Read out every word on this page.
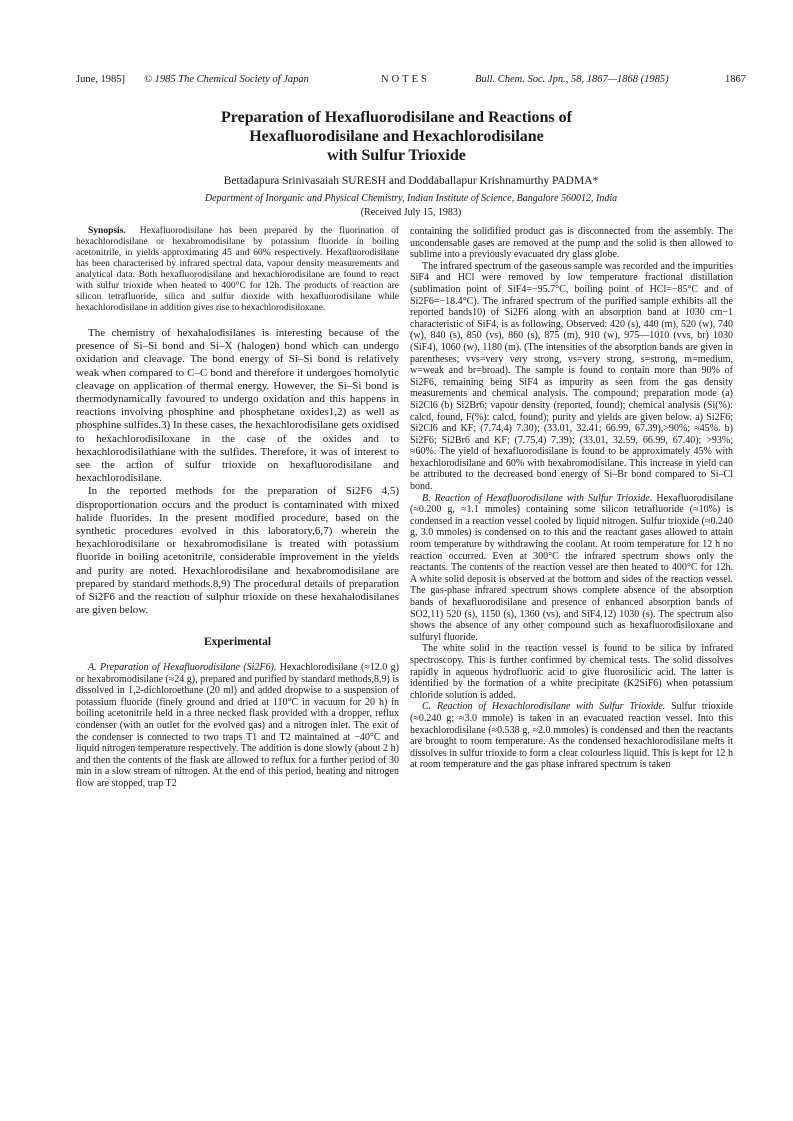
June, 1985] © 1985 The Chemical Society of Japan	NOTES	Bull. Chem. Soc. Jpn., 58, 1867—1868 (1985)	1867
Preparation of Hexafluorodisilane and Reactions of
Hexafluorodisilane and Hexachlorodisilane
with Sulfur Trioxide
Bettadapura Srinivasaiah SURESH and Doddaballapur Krishnamurthy PADMA*
Department of Inorganic and Physical Chemistry, Indian Institute of Science, Bangalore 560012, India
(Received July 15, 1983)

Synopsis. Hexafluorodisilane has been prepared by the fluorination of hexachlorodisilane or hexabromodisilane by potassium fluoride in boiling acetonitrile, in yields approximating 45 and 60% respectively. Hexafluorodisilane has been characterised by infrared spectral data, vapour density measurements and analytical data. Both hexafluorodisilane and hexachlorodisilane are found to react with sulfur trioxide when heated to 400°C for 12h. The products of reaction are silicon tetrafluoride, silica and sulfur dioxide with hexafluorodisilane while hexachlorodisilane in addition gives rise to hexachlorodisiloxane.

The chemistry of hexahalodisilanes is interesting because of the presence of Si–Si bond and Si–X (halogen) bond which can undergo oxidation and cleavage. The bond energy of Si–Si bond is relatively weak when compared to C–C bond and therefore it undergoes homolytic cleavage on application of thermal energy. However, the Si–Si bond is thermodynamically favoured to undergo oxidation and this happens in reactions involving phosphine and phosphetane oxides1,2) as well as phosphine sulfides.3) In these cases, the hexachlorodisilane gets oxidised to hexachlorodisiloxane in the case of the oxides and to hexachlorodisilathiane with the sulfides. Therefore, it was of interest to see the action of sulfur trioxide on hexafluorodisilane and hexachlorodisilane.

In the reported methods for the preparation of Si2F6 4,5) disproportionation occurs and the product is contaminated with mixed halide fluorides. In the present modified procedure, based on the synthetic procedures evolved in this laboratory,6,7) wherein the hexachlorodisilane or hexabromodisilane is treated with potassium fluoride in boiling acetonitrile, considerable improvement in the yields and purity are noted. Hexachlorodisilane and hexabromodisilane are prepared by standard methods.8,9) The procedural details of preparation of Si2F6 and the reaction of sulphur trioxide on these hexahalodisilanes are given below.

Experimental

A. Preparation of Hexafluorodisilane (Si2F6). Hexachlorodisilane (≈12.0 g) or hexabromodisilane (≈24 g), prepared and purified by standard methods,8,9) is dissolved in 1,2-dichloroethane (20 ml) and added dropwise to a suspension of potassium fluoride (finely ground and dried at 110°C in vacuum for 20 h) in boiling acetonitrile held in a three necked flask provided with a dropper, reflux condenser (with an outlet for the evolved gas) and a nitrogen inlet. The exit of the condenser is connected to two traps T1 and T2 maintained at −40°C and liquid nitrogen temperature respectively. The addition is done slowly (about 2 h) and then the contents of the flask are allowed to reflux for a further period of 30 min in a slow stream of nitrogen. At the end of this period, heating and nitrogen flow are stopped, trap T2

containing the solidified product gas is disconnected from the assembly. The uncondensable gases are removed at the pump and the solid is then allowed to sublime into a previously evacuated dry glass globe.

The infrared spectrum of the gaseous sample was recorded and the impurities SiF4 and HCl were removed by low temperature fractional distillation (sublimation point of SiF4=−95.7°C, boiling point of HCl=−85°C and of Si2F6=−18.4°C). The infrared spectrum of the purified sample exhibits all the reported bands10) of Si2F6 along with an absorption band at 1030 cm−1 characteristic of SiF4, is as following, Observed: 420 (s), 440 (m), 520 (w), 740 (w), 840 (s), 850 (vs), 860 (s), 875 (m), 910 (w), 975—1010 (vvs, br) 1030 (SiF4), 1060 (w), 1180 (m). (The intensities of the absorption bands are given in parentheses; vvs=very very strong, vs=very strong, s=strong, m=medium, w=weak and br=broad). The sample is found to contain more than 90% of Si2F6, remaining being SiF4 as impurity as seen from the gas density measurements and chemical analysis. The compound; preparation mode (a) Si2Cl6 (b) Si2Br6; vapour density (reported, found); chemical analysis (Si(%): calcd, found, F(%): calcd, found); purity and yields are given below. a) Si2F6; Si2Cl6 and KF; (7.74,4) 7.30); (33.01, 32.41; 66.99, 67.39),>90%; ≈45%. b) Si2F6; Si2Br6 and KF; (7.75,4) 7.39); (33.01, 32.59, 66.99, 67.40); >93%; ≈60%. The yield of hexafluorodisilane is found to be approximately 45% with hexachlorodisilane and 60% with hexabromodisilane. This increase in yield can be attributed to the decreased bond energy of Si–Br bond compared to Si–Cl bond.

B. Reaction of Hexafluorodisilane with Sulfur Trioxide. Hexafluorodisilane (≈0.200 g, ≈1.1 mmoles) containing some silicon tetrafluoride (≈10%) is condensed in a reaction vessel cooled by liquid nitrogen. Sulfur trioxide (≈0.240 g, 3.0 mmoles) is condensed on to this and the reactant gases allowed to attain room temperature by withdrawing the coolant. At room temperature for 12 h no reaction occurred. Even at 300°C the infrared spectrum shows only the reactants. The contents of the reaction vessel are then heated to 400°C for 12h. A white solid deposit is observed at the bottom and sides of the reaction vessel. The gas-phase infrared spectrum shows complete absence of the absorption bands of hexafluorodisilane and presence of enhanced absorption bands of SO2,11) 520 (s), 1150 (s), 1360 (vs), and SiF4,12) 1030 (s). The spectrum also shows the absence of any other compound such as hexafluorodisiloxane and sulfuryl fluoride.

The white solid in the reaction vessel is found to be silica by infrared spectroscopy. This is further confirmed by chemical tests. The solid dissolves rapidly in aqueous hydrofluoric acid to give fluorosilicic acid. The latter is identified by the formation of a white precipitate (K2SiF6) when potassium chloride solution is added.

C. Reaction of Hexachlorodisilane with Sulfur Trioxide. Sulfur trioxide (≈0.240 g; ≈3.0 mmole) is taken in an evacuated reaction vessel. Into this hexachlorodisilane (≈0.538 g, ≈2.0 mmoles) is condensed and then the reactants are brought to room temperature. As the condensed hexachlorodisilane melts it dissolves in sulfur trioxide to form a clear colourless liquid. This is kept for 12 h at room temperature and the gas phase infrared spectrum is taken
